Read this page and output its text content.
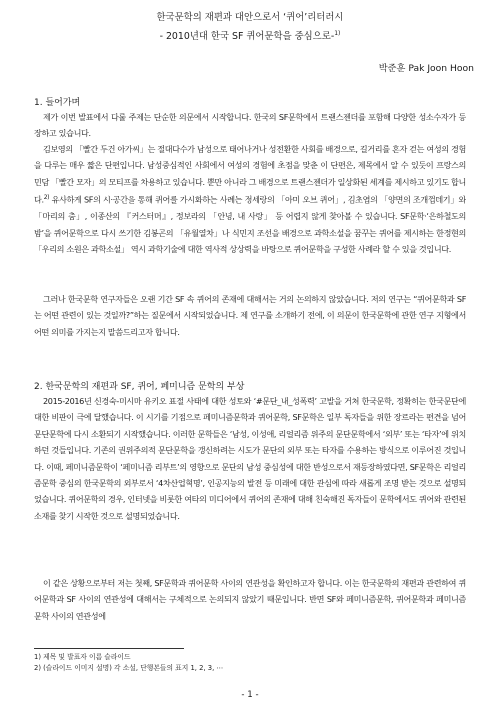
한국문학의 재편과 대안으로서 ‘퀴어’리터러시
- 2010년대 한국 SF 퀴어문학을 중심으로-$^{1)}$
박준훈 Pak Joon Hoon
1. 들어가며

제가 이번 발표에서 다룰 주제는 단순한 의문에서 시작합니다. 한국의 SF문학에서 트랜스젠더를 포함해 다양한 성소수자가 등장하고 있습니다.

김보영의 「빨간 두건 아가씨」는 절대다수가 남성으로 태어나거나 성전환한 사회를 배경으로, 길거리를 혼자 걷는 여성의 경험을 다루는 매우 짧은 단편입니다. 남성중심적인 사회에서 여성의 경험에 초점을 맞춘 이 단편은, 제목에서 알 수 있듯이 프랑스의 민담 「빨간 모자」의 모티프를 차용하고 있습니다. 뿐만 아니라 그 배경으로 트랜스젠더가 일상화된 세계를 제시하고 있기도 합니다.$^{2)}$ 유사하게 SF의 시·공간을 통해 퀴어를 가시화하는 사례는 정세랑의 「아미 오브 퀴어」, 김초엽의 「양면의 조개껍데기」와 「마리의 춤」, 이종산의 『커스터머』, 정보라의 「안녕, 내 사랑」 등 어렵지 않게 찾아볼 수 있습니다. SF문학·‘은하철도의 밤’을 퀴어문학으로 다시 쓰기한 김봉곤의 「유월열차」나 식민지 조선을 배경으로 과학소설을 꿈꾸는 퀴어를 제시하는 한정현의 「우리의 소원은 과학소설」 역시 과학기술에 대한 역사적 상상력을 바탕으로 퀴어문학을 구성한 사례라 할 수 있을 것입니다.

그러나 한국문학 연구자들은 오랜 기간 SF 속 퀴어의 존재에 대해서는 거의 논의하지 않았습니다. 저의 연구는 “퀴어문학과 SF는 어떤 관련이 있는 것일까?”하는 질문에서 시작되었습니다. 제 연구를 소개하기 전에, 이 의문이 한국문학에 관한 연구 지형에서 어떤 의미를 가지는지 말씀드리고자 합니다.

2. 한국문학의 재편과 SF, 퀴어, 페미니즘 문학의 부상

2015-2016년 신경숙-미시마 유키오 표절 사태에 대한 성토와 ‘#문단_내_성폭력’ 고발을 거쳐 한국문학, 정확히는 한국문단에 대한 비판이 극에 달했습니다. 이 시기를 기점으로 페미니즘문학과 퀴어문학, SF문학은 일부 독자들을 위한 장르라는 편견을 넘어 문단문학에 다시 소환되기 시작했습니다. 이러한 문학들은 ‘남성, 이성애, 리얼리즘 위주의 문단문학에서 ‘외부’ 또는 ‘타자’에 위치하던 것들입니다. 기존의 권위주의적 문단문학을 갱신하려는 시도가 문단의 외부 또는 타자를 수용하는 방식으로 이루어진 것입니다. 이때, 페미니즘문학이 ‘페미니즘 리부트’의 영향으로 문단의 남성 중심성에 대한 반성으로서 재등장하였다면, SF문학은 리얼리즘문학 중심의 한국문학의 외부로서 ‘4차산업혁명’, 인공지능의 발전 등 미래에 대한 관심에 따라 새롭게 조명 받는 것으로 설명되었습니다. 퀴어문학의 경우, 인터넷을 비롯한 여타의 미디어에서 퀴어의 존재에 대해 친숙해진 독자들이 문학에서도 퀴어와 관련된 소재를 찾기 시작한 것으로 설명되었습니다.

이 같은 상황으로부터 저는 첫째, SF문학과 퀴어문학 사이의 연관성을 확인하고자 합니다. 이는 한국문학의 재편과 관련하여 퀴어문학과 SF 사이의 연관성에 대해서는 구체적으로 논의되지 않았기 때문입니다. 반면 SF와 페미니즘문학, 퀴어문학과 페미니즘문학 사이의 연관성에

1) 제목 및 발표자 이름 슬라이드
2) (슬라이드 이미지 설명) 각 소설, 단행본들의 표지 1, 2, 3, ⋯
- 1 -
